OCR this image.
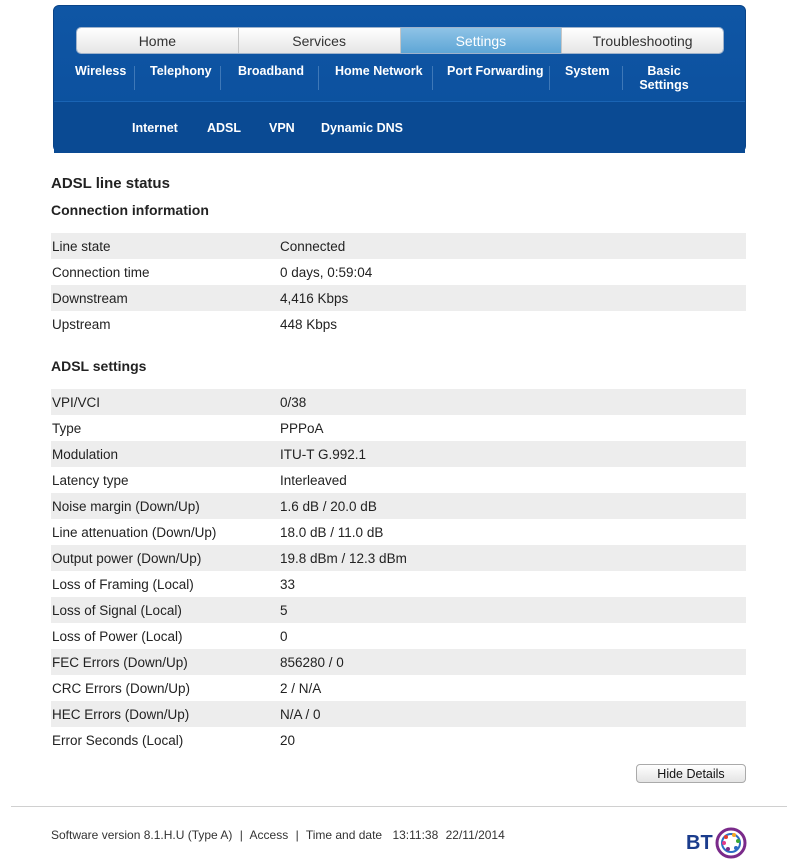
Home	Services	Settings	Troubleshooting
Wireless Telephony Broadband Home Network Port Forwarding System	Basic Settings
Internet ADSL VPN Dynamic DNS
ADSL line status
Connection information
Line state	Connected
Connection time	0 days, 0:59:04
Downstream	4,416 Kbps
Upstream	448 Kbps
ADSL settings
VPI/VCI	0/38
Type	PPPoA
Modulation	ITU-T G.992.1
Latency type	Interleaved
Noise margin (Down/Up)	1.6 dB / 20.0 dB
Line attenuation (Down/Up)	18.0 dB / 11.0 dB
Output power (Down/Up)	19.8 dBm / 12.3 dBm
Loss of Framing (Local)	33
Loss of Signal (Local)	5
Loss of Power (Local)	0
FEC Errors (Down/Up)	856280 / 0
CRC Errors (Down/Up)	2 / N/A
HEC Errors (Down/Up)	N/A / 0
Error Seconds (Local)	20
Hide Details
Software version 8.1.H.U (Type A) | Access | Time and date 13:11:38 22/11/2014	BT
